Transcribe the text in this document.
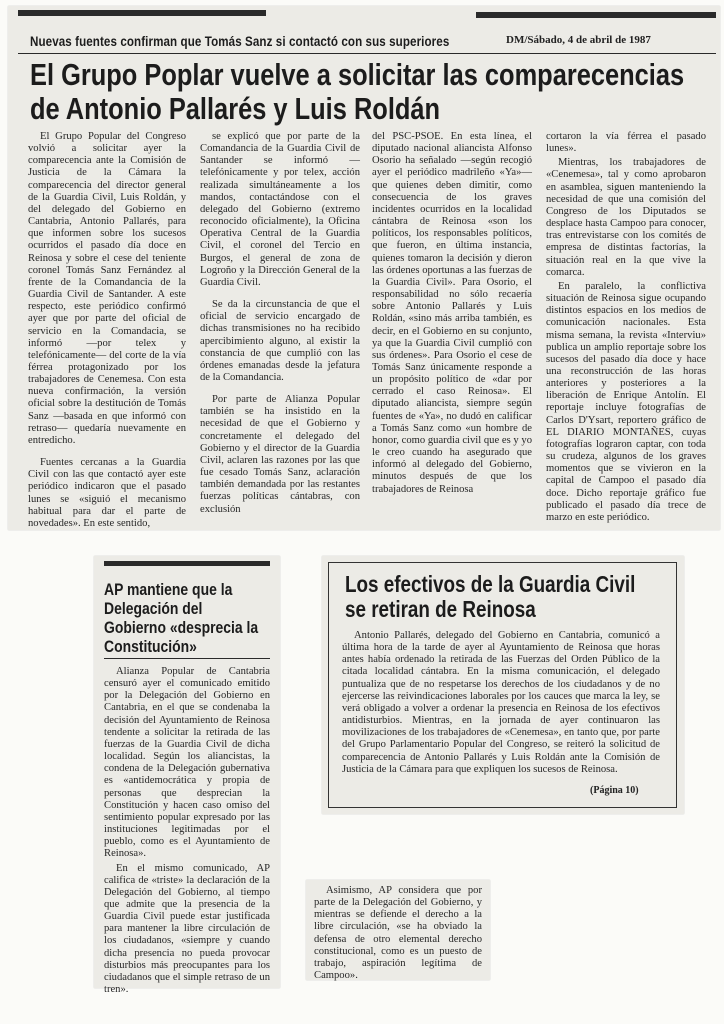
Nuevas fuentes confirman que Tomás Sanz si contactó con sus superiores	DM/Sábado, 4 de abril de 1987
El Grupo Poplar vuelve a solicitar las comparecencias
de Antonio Pallarés y Luis Roldán

El Grupo Popular del Congreso volvió a solicitar ayer la comparecencia ante la Comisión de Justicia de la Cámara la comparecencia del director general de la Guardia Civil, Luis Roldán, y del delegado del Gobierno en Cantabria, Antonio Pallarés, para que informen sobre los sucesos ocurridos el pasado día doce en Reinosa y sobre el cese del teniente coronel Tomás Sanz Fernández al frente de la Comandancia de la Guardia Civil de Santander. A este respecto, este periódico confirmó ayer que por parte del oficial de servicio en la Comandacia, se informó —por telex y telefónicamente— del corte de la vía férrea protagonizado por los trabajadores de Cenemesa. Con esta nueva confirmación, la versión oficial sobre la destitución de Tomás Sanz —basada en que informó con retraso— quedaría nuevamente en entredicho.

Fuentes cercanas a la Guardia Civil con las que contactó ayer este periódico indicaron que el pasado lunes se «siguió el mecanismo habitual para dar el parte de novedades». En este sentido,

se explicó que por parte de la Comandancia de la Guardia Civil de Santander se informó —telefónicamente y por telex, acción realizada simultáneamente a los mandos, contactándose con el delegado del Gobierno (extremo reconocido oficialmente), la Oficina Operativa Central de la Guardia Civil, el coronel del Tercio en Burgos, el general de zona de Logroño y la Dirección General de la Guardia Civil.

Se da la circunstancia de que el oficial de servicio encargado de dichas transmisiones no ha recibido apercibimiento alguno, al existir la constancia de que cumplió con las órdenes emanadas desde la jefatura de la Comandancia.

Por parte de Alianza Popular también se ha insistido en la necesidad de que el Gobierno y concretamente el delegado del Gobierno y el director de la Guardia Civil, aclaren las razones por las que fue cesado Tomás Sanz, aclaración también demandada por las restantes fuerzas políticas cántabras, con exclusión

del PSC-PSOE. En esta línea, el diputado nacional aliancista Alfonso Osorio ha señalado —según recogió ayer el periódico madrileño «Ya»— que quienes deben dimitir, como consecuencia de los graves incidentes ocurridos en la localidad cántabra de Reinosa «son los políticos, los responsables políticos, que fueron, en última instancia, quienes tomaron la decisión y dieron las órdenes oportunas a las fuerzas de la Guardia Civil». Para Osorio, el responsabilidad no sólo recaería sobre Antonio Pallarés y Luis Roldán, «sino más arriba también, es decir, en el Gobierno en su conjunto, ya que la Guardia Civil cumplió con sus órdenes». Para Osorio el cese de Tomás Sanz únicamente responde a un propósito político de «dar por cerrado el caso Reinosa». El diputado aliancista, siempre según fuentes de «Ya», no dudó en calificar a Tomás Sanz como «un hombre de honor, como guardia civil que es y yo le creo cuando ha asegurado que informó al delegado del Gobierno, minutos después de que los trabajadores de Reinosa

cortaron la vía férrea el pasado lunes».

Mientras, los trabajadores de «Cenemesa», tal y como aprobaron en asamblea, siguen manteniendo la necesidad de que una comisión del Congreso de los Diputados se desplace hasta Campoo para conocer, tras entrevistarse con los comités de empresa de distintas factorías, la situación real en la que vive la comarca.

En paralelo, la conflictiva situación de Reinosa sigue ocupando distintos espacios en los medios de comunicación nacionales. Esta misma semana, la revista «Interviu» publica un amplio reportaje sobre los sucesos del pasado día doce y hace una reconstrucción de las horas anteriores y posteriores a la liberación de Enrique Antolín. El reportaje incluye fotografías de Carlos D'Ysart, reportero gráfico de EL DIARIO MONTAÑES, cuyas fotografías lograron captar, con toda su crudeza, algunos de los graves momentos que se vivieron en la capital de Campoo el pasado día doce. Dicho reportaje gráfico fue publicado el pasado día trece de marzo en este periódico.

AP mantiene que la
Delegación del
Gobierno «desprecia la
Constitución»

Alianza Popular de Cantabria censuró ayer el comunicado emitido por la Delegación del Gobierno en Cantabria, en el que se condenaba la decisión del Ayuntamiento de Reinosa tendente a solicitar la retirada de las fuerzas de la Guardia Civil de dicha localidad. Según los aliancistas, la condena de la Delegación gubernativa es «antidemocrática y propia de personas que desprecian la Constitución y hacen caso omiso del sentimiento popular expresado por las instituciones legitimadas por el pueblo, como es el Ayuntamiento de Reinosa».

En el mismo comunicado, AP califica de «triste» la declaración de la Delegación del Gobierno, al tiempo que admite que la presencia de la Guardia Civil puede estar justificada para mantener la libre circulación de los ciudadanos, «siempre y cuando dicha presencia no pueda provocar disturbios más preocupantes para los ciudadanos que el simple retraso de un tren».

Asimismo, AP considera que por parte de la Delegación del Gobierno, y mientras se defiende el derecho a la libre circulación, «se ha obviado la defensa de otro elemental derecho constitucional, como es un puesto de trabajo, aspiración legítima de Campoo».

Los efectivos de la Guardia Civil
se retiran de Reinosa

Antonio Pallarés, delegado del Gobierno en Cantabria, comunicó a última hora de la tarde de ayer al Ayuntamiento de Reinosa que horas antes había ordenado la retirada de las Fuerzas del Orden Público de la citada localidad cántabra. En la misma comunicación, el delegado puntualiza que de no respetarse los derechos de los ciudadanos y de no ejercerse las reivindicaciones laborales por los cauces que marca la ley, se verá obligado a volver a ordenar la presencia en Reinosa de los efectivos antidisturbios. Mientras, en la jornada de ayer continuaron las movilizaciones de los trabajadores de «Cenemesa», en tanto que, por parte del Grupo Parlamentario Popular del Congreso, se reiteró la solicitud de comparecencia de Antonio Pallarés y Luis Roldán ante la Comisión de Justicia de la Cámara para que expliquen los sucesos de Reinosa.

(Página 10)
